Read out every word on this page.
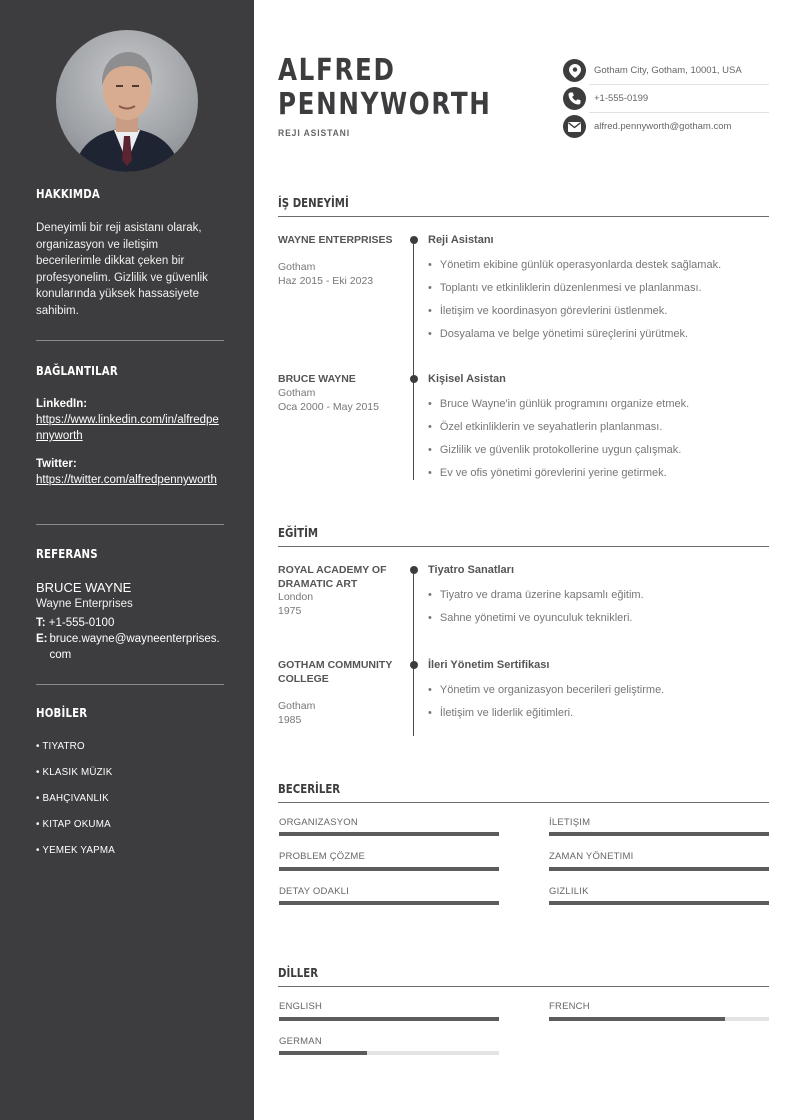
HAKKIMDA

Deneyimli bir reji asistanı olarak, organizasyon ve iletişim becerilerimle dikkat çeken bir profesyonelim. Gizlilik ve güvenlik konularında yüksek hassasiyete sahibim.

BAĞLANTILAR
LinkedIn:
https://www.linkedin.com/in/alfredpennyworth
Twitter:
https://twitter.com/alfredpennyworth
REFERANS
BRUCE WAYNE
Wayne Enterprises
T: +1-555-0100
E: bruce.wayne@wayneenterprises.com
HOBİLER
• TIYATRO
• KLASIK MÜZIK
• BAHÇIVANLIK
• KITAP OKUMA
• YEMEK YAPMA
ALFRED
PENNYWORTH
REJI ASISTANI
Gotham City, Gotham, 10001, USA
+1-555-0199
alfred.pennyworth@gotham.com
İŞ DENEYİMİ
WAYNE ENTERPRISES
Gotham
Haz 2015 - Eki 2023
Reji Asistanı
• Yönetim ekibine günlük operasyonlarda destek sağlamak.
• Toplantı ve etkinliklerin düzenlenmesi ve planlanması.
• İletişim ve koordinasyon görevlerini üstlenmek.
• Dosyalama ve belge yönetimi süreçlerini yürütmek.
BRUCE WAYNE
Gotham
Oca 2000 - May 2015
Kişisel Asistan
• Bruce Wayne'in günlük programını organize etmek.
• Özel etkinliklerin ve seyahatlerin planlanması.
• Gizlilik ve güvenlik protokollerine uygun çalışmak.
• Ev ve ofis yönetimi görevlerini yerine getirmek.
EĞİTİM
ROYAL ACADEMY OF DRAMATIC ART
London
1975
Tiyatro Sanatları
• Tiyatro ve drama üzerine kapsamlı eğitim.
• Sahne yönetimi ve oyunculuk teknikleri.
GOTHAM COMMUNITY COLLEGE
Gotham
1985
İleri Yönetim Sertifikası
• Yönetim ve organizasyon becerileri geliştirme.
• İletişim ve liderlik eğitimleri.
BECERİLER
ORGANIZASYON	İLETIŞIM
PROBLEM ÇÖZME	ZAMAN YÖNETIMI
DETAY ODAKLI	GIZLILIK
DİLLER
ENGLISH	FRENCH
GERMAN
